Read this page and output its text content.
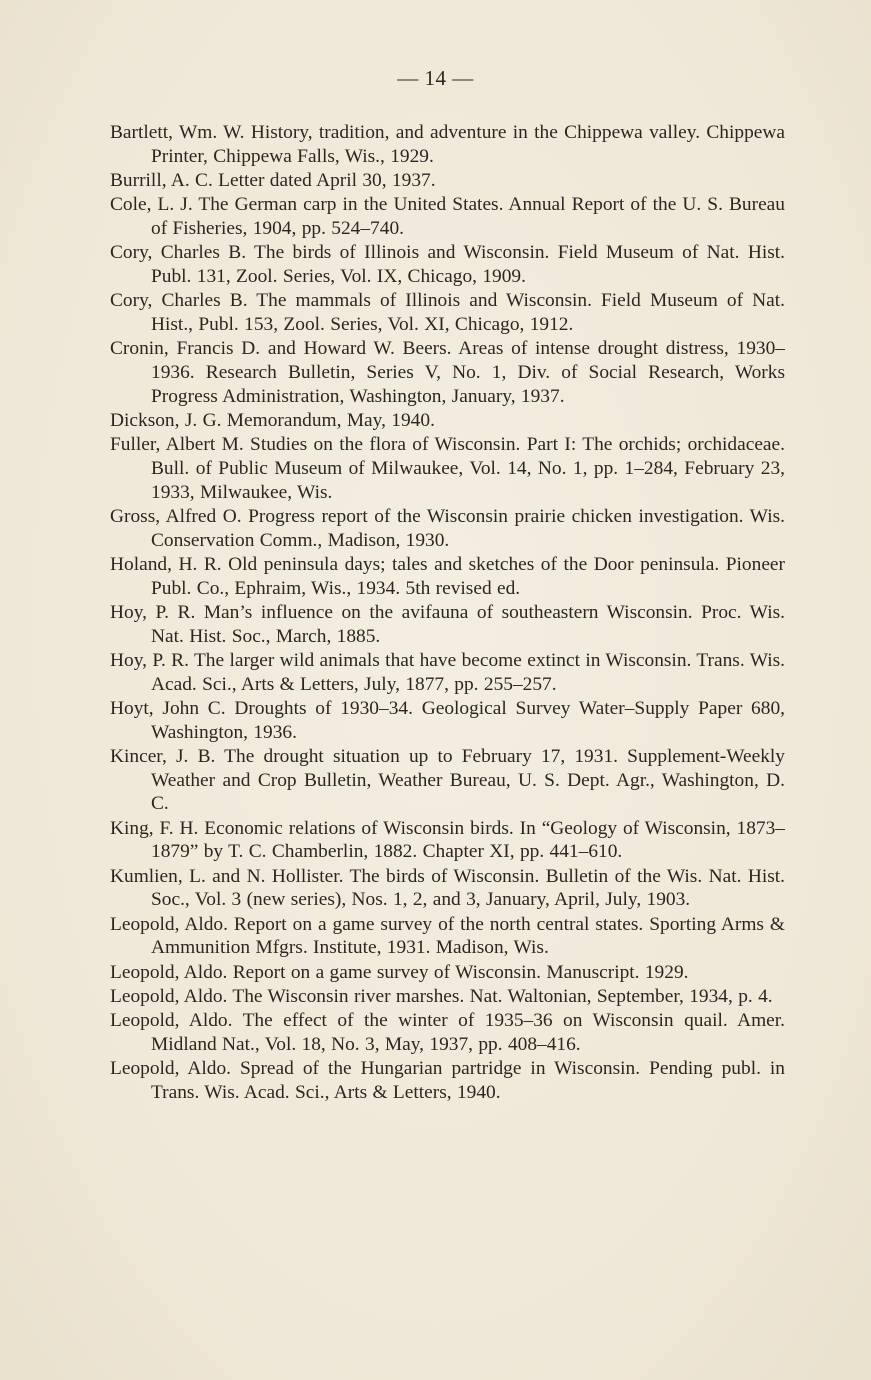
— 14 —
Bartlett, Wm. W. History, tradition, and adventure in the Chippewa valley. Chippewa Printer, Chippewa Falls, Wis., 1929.
Burrill, A. C. Letter dated April 30, 1937.
Cole, L. J. The German carp in the United States. Annual Report of the U. S. Bureau of Fisheries, 1904, pp. 524–740.
Cory, Charles B. The birds of Illinois and Wisconsin. Field Museum of Nat. Hist. Publ. 131, Zool. Series, Vol. IX, Chicago, 1909.
Cory, Charles B. The mammals of Illinois and Wisconsin. Field Museum of Nat. Hist., Publ. 153, Zool. Series, Vol. XI, Chicago, 1912.
Cronin, Francis D. and Howard W. Beers. Areas of intense drought distress, 1930–1936. Research Bulletin, Series V, No. 1, Div. of Social Research, Works Progress Administration, Washington, January, 1937.
Dickson, J. G. Memorandum, May, 1940.
Fuller, Albert M. Studies on the flora of Wisconsin. Part I: The orchids; orchidaceae. Bull. of Public Museum of Milwaukee, Vol. 14, No. 1, pp. 1–284, February 23, 1933, Milwaukee, Wis.
Gross, Alfred O. Progress report of the Wisconsin prairie chicken investigation. Wis. Conservation Comm., Madison, 1930.
Holand, H. R. Old peninsula days; tales and sketches of the Door peninsula. Pioneer Publ. Co., Ephraim, Wis., 1934. 5th revised ed.
Hoy, P. R. Man’s influence on the avifauna of southeastern Wisconsin. Proc. Wis. Nat. Hist. Soc., March, 1885.
Hoy, P. R. The larger wild animals that have become extinct in Wisconsin. Trans. Wis. Acad. Sci., Arts & Letters, July, 1877, pp. 255–257.
Hoyt, John C. Droughts of 1930–34. Geological Survey Water–Supply Paper 680, Washington, 1936.
Kincer, J. B. The drought situation up to February 17, 1931. Supplement-Weekly Weather and Crop Bulletin, Weather Bureau, U. S. Dept. Agr., Washington, D. C.
King, F. H. Economic relations of Wisconsin birds. In “Geology of Wisconsin, 1873–1879” by T. C. Chamberlin, 1882. Chapter XI, pp. 441–610.
Kumlien, L. and N. Hollister. The birds of Wisconsin. Bulletin of the Wis. Nat. Hist. Soc., Vol. 3 (new series), Nos. 1, 2, and 3, January, April, July, 1903.
Leopold, Aldo. Report on a game survey of the north central states. Sporting Arms & Ammunition Mfgrs. Institute, 1931. Madison, Wis.
Leopold, Aldo. Report on a game survey of Wisconsin. Manuscript. 1929.
Leopold, Aldo. The Wisconsin river marshes. Nat. Waltonian, September, 1934, p. 4.
Leopold, Aldo. The effect of the winter of 1935–36 on Wisconsin quail. Amer. Midland Nat., Vol. 18, No. 3, May, 1937, pp. 408–416.
Leopold, Aldo. Spread of the Hungarian partridge in Wisconsin. Pending publ. in Trans. Wis. Acad. Sci., Arts & Letters, 1940.
